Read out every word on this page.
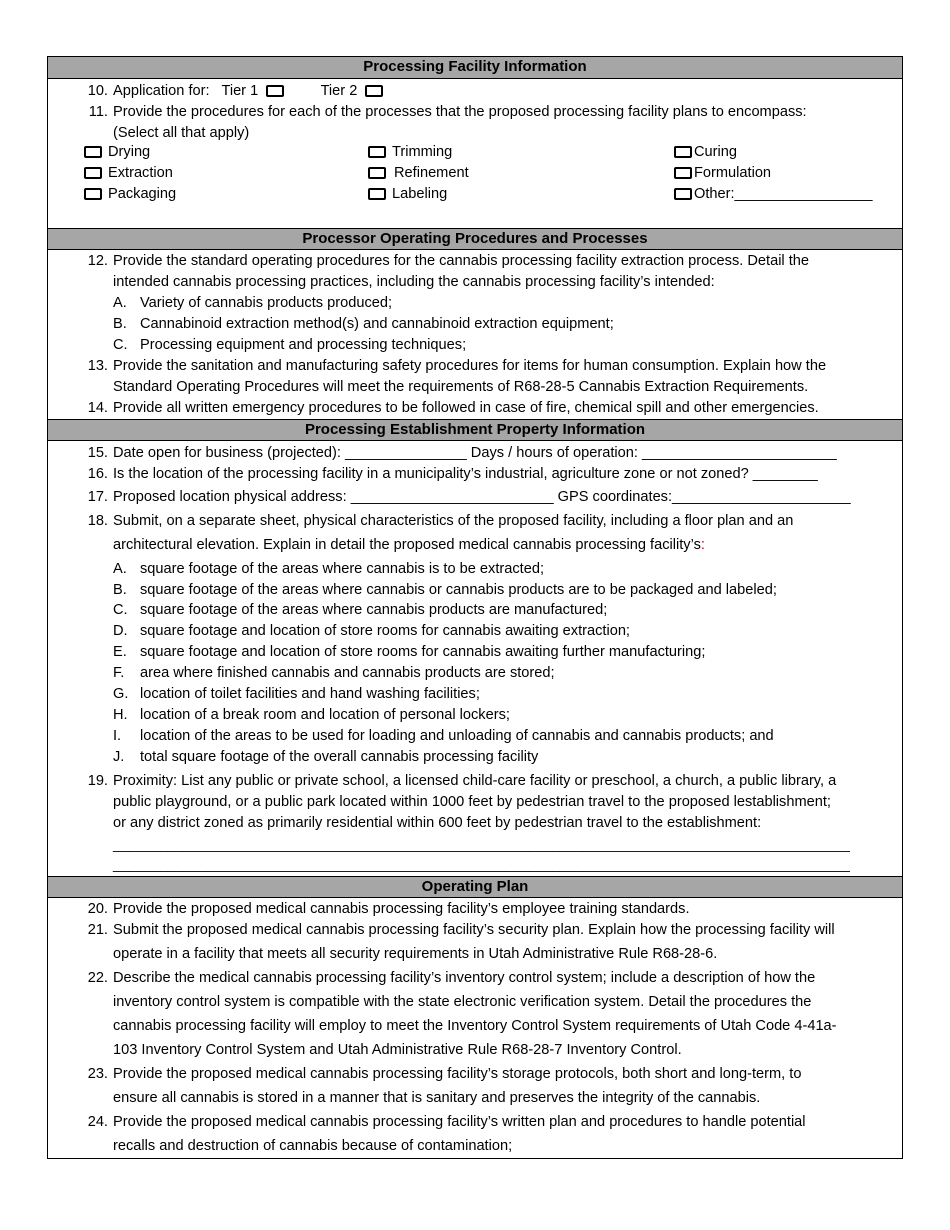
Processing Facility Information
10. Application for: Tier 1	Tier 2
11. Provide the procedures for each of the processes that the proposed processing facility plans to encompass:
(Select all that apply)
Drying	Trimming	Curing
Extraction	Refinement	Formulation
Packaging	Labeling	Other:_________________
Processor Operating Procedures and Processes
12. Provide the standard operating procedures for the cannabis processing facility extraction process. Detail the
intended cannabis processing practices, including the cannabis processing facility’s intended:
A. Variety of cannabis products produced;
B. Cannabinoid extraction method(s) and cannabinoid extraction equipment;
C. Processing equipment and processing techniques;
13. Provide the sanitation and manufacturing safety procedures for items for human consumption. Explain how the
Standard Operating Procedures will meet the requirements of R68-28-5 Cannabis Extraction Requirements.
14. Provide all written emergency procedures to be followed in case of fire, chemical spill and other emergencies.
Processing Establishment Property Information
15. Date open for business (projected): _______________ Days / hours of operation: ________________________
16. Is the location of the processing facility in a municipality’s industrial, agriculture zone or not zoned? ________
17. Proposed location physical address: _________________________ GPS coordinates:______________________
18. Submit, on a separate sheet, physical characteristics of the proposed facility, including a floor plan and an
architectural elevation. Explain in detail the proposed medical cannabis processing facility’s:
A. square footage of the areas where cannabis is to be extracted;
B. square footage of the areas where cannabis or cannabis products are to be packaged and labeled;
C. square footage of the areas where cannabis products are manufactured;
D. square footage and location of store rooms for cannabis awaiting extraction;
E. square footage and location of store rooms for cannabis awaiting further manufacturing;
F. area where finished cannabis and cannabis products are stored;
G. location of toilet facilities and hand washing facilities;
H. location of a break room and location of personal lockers;
I. location of the areas to be used for loading and unloading of cannabis and cannabis products; and
J. total square footage of the overall cannabis processing facility
19. Proximity: List any public or private school, a licensed child-care facility or preschool, a church, a public library, a
public playground, or a public park located within 1000 feet by pedestrian travel to the proposed lestablishment;
or any district zoned as primarily residential within 600 feet by pedestrian travel to the establishment:
______________________________________________________________________________________________
______________________________________________________________________________________________
Operating Plan
20. Provide the proposed medical cannabis processing facility’s employee training standards.
21. Submit the proposed medical cannabis processing facility’s security plan. Explain how the processing facility will
operate in a facility that meets all security requirements in Utah Administrative Rule R68-28-6.
22. Describe the medical cannabis processing facility’s inventory control system; include a description of how the
inventory control system is compatible with the state electronic verification system. Detail the procedures the
cannabis processing facility will employ to meet the Inventory Control System requirements of Utah Code 4-41a-
103 Inventory Control System and Utah Administrative Rule R68-28-7 Inventory Control.
23. Provide the proposed medical cannabis processing facility’s storage protocols, both short and long-term, to
ensure all cannabis is stored in a manner that is sanitary and preserves the integrity of the cannabis.
24. Provide the proposed medical cannabis processing facility’s written plan and procedures to handle potential
recalls and destruction of cannabis because of contamination;
